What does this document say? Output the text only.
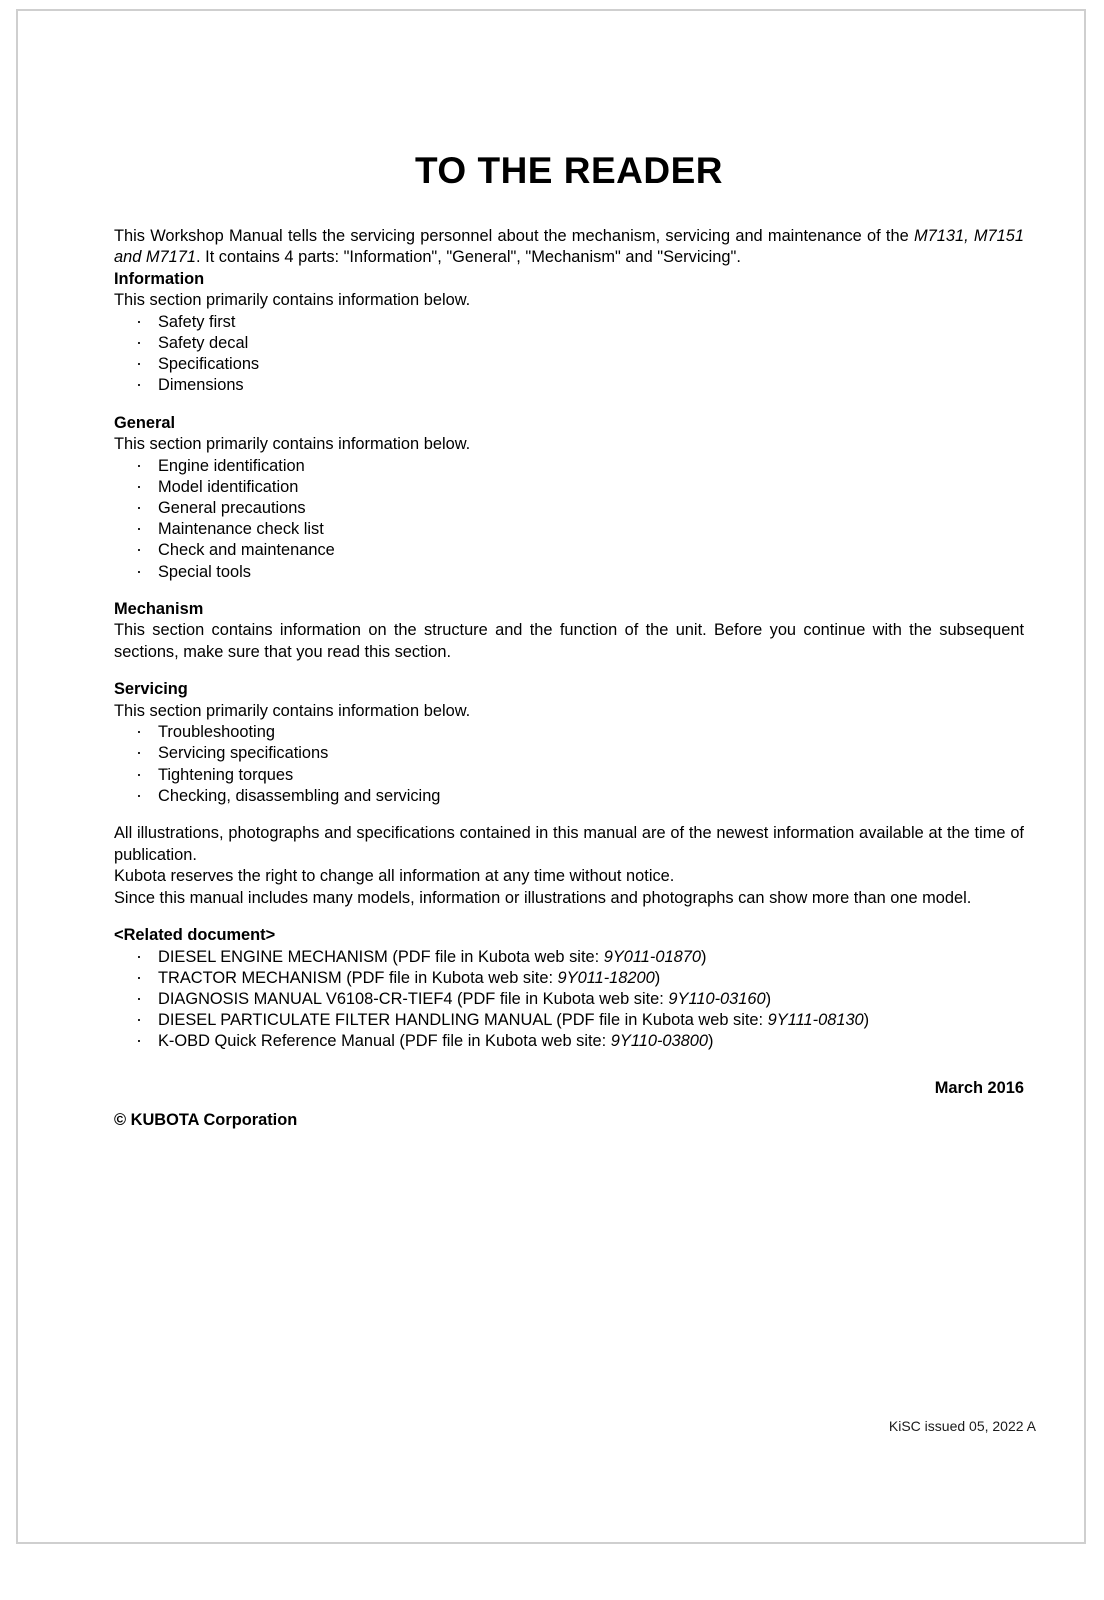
TO THE READER

This Workshop Manual tells the servicing personnel about the mechanism, servicing and maintenance of the M7131, M7151 and M7171. It contains 4 parts: "Information", "General", "Mechanism" and "Servicing".

Information

This section primarily contains information below.

· Safety first
· Safety decal
· Specifications
· Dimensions
General

This section primarily contains information below.

· Engine identification
· Model identification
· General precautions
· Maintenance check list
· Check and maintenance
· Special tools
Mechanism

This section contains information on the structure and the function of the unit. Before you continue with the subsequent sections, make sure that you read this section.

Servicing

This section primarily contains information below.

· Troubleshooting
· Servicing specifications
· Tightening torques
· Checking, disassembling and servicing

All illustrations, photographs and specifications contained in this manual are of the newest information available at the time of publication.

Kubota reserves the right to change all information at any time without notice.

Since this manual includes many models, information or illustrations and photographs can show more than one model.

<Related document>
· DIESEL ENGINE MECHANISM (PDF file in Kubota web site: 9Y011-01870)
· TRACTOR MECHANISM (PDF file in Kubota web site: 9Y011-18200)
· DIAGNOSIS MANUAL V6108-CR-TIEF4 (PDF file in Kubota web site: 9Y110-03160)
· DIESEL PARTICULATE FILTER HANDLING MANUAL (PDF file in Kubota web site: 9Y111-08130)
· K-OBD Quick Reference Manual (PDF file in Kubota web site: 9Y110-03800)

March 2016

© KUBOTA Corporation

KiSC issued 05, 2022 A
